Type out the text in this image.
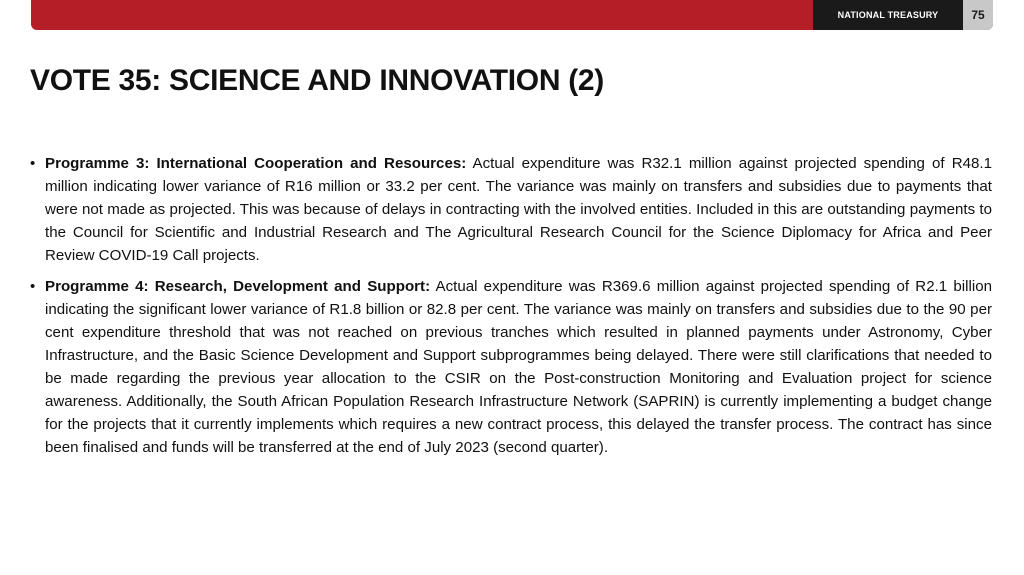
NATIONAL TREASURY	75
VOTE 35: SCIENCE AND INNOVATION (2)
• Programme 3: International Cooperation and Resources: Actual expenditure was R32.1 million against projected spending of R48.1 million indicating lower variance of R16 million or 33.2 per cent. The variance was mainly on transfers and subsidies due to payments that were not made as projected. This was because of delays in contracting with the involved entities. Included in this are outstanding payments to the Council for Scientific and Industrial Research and The Agricultural Research Council for the Science Diplomacy for Africa and Peer Review COVID-19 Call projects.
• Programme 4: Research, Development and Support: Actual expenditure was R369.6 million against projected spending of R2.1 billion indicating the significant lower variance of R1.8 billion or 82.8 per cent. The variance was mainly on transfers and subsidies due to the 90 per cent expenditure threshold that was not reached on previous tranches which resulted in planned payments under Astronomy, Cyber Infrastructure, and the Basic Science Development and Support subprogrammes being delayed. There were still clarifications that needed to be made regarding the previous year allocation to the CSIR on the Post-construction Monitoring and Evaluation project for science awareness. Additionally, the South African Population Research Infrastructure Network (SAPRIN) is currently implementing a budget change for the projects that it currently implements which requires a new contract process, this delayed the transfer process. The contract has since been finalised and funds will be transferred at the end of July 2023 (second quarter).
